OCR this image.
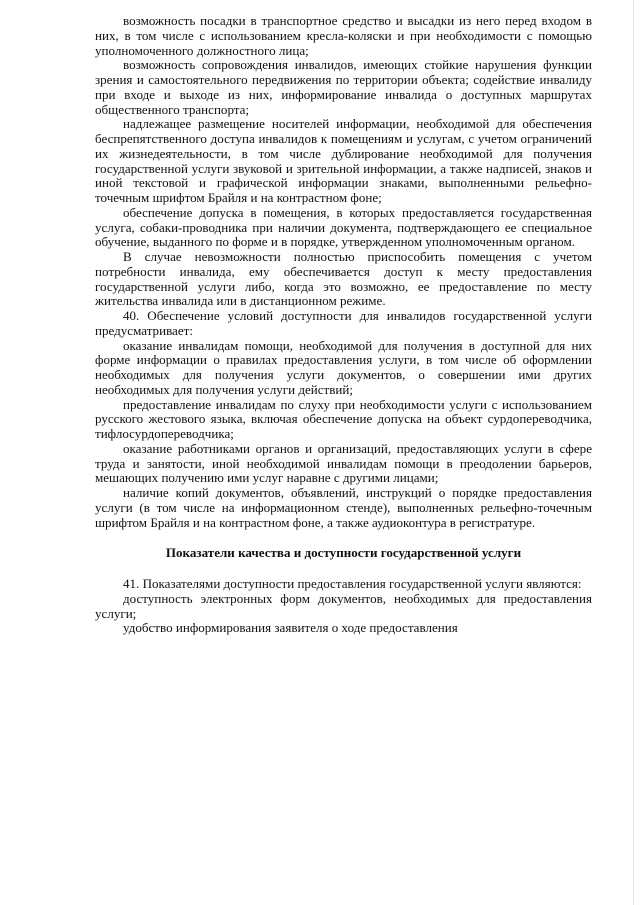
возможность посадки в транспортное средство и высадки из него перед входом в них, в том числе с использованием кресла-коляски и при необходимости с помощью уполномоченного должностного лица;

возможность сопровождения инвалидов, имеющих стойкие нарушения функции зрения и самостоятельного передвижения по территории объекта; содействие инвалиду при входе и выходе из них, информирование инвалида о доступных маршрутах общественного транспорта;

надлежащее размещение носителей информации, необходимой для обеспечения беспрепятственного доступа инвалидов к помещениям и услугам, с учетом ограничений их жизнедеятельности, в том числе дублирование необходимой для получения государственной услуги звуковой и зрительной информации, а также надписей, знаков и иной текстовой и графической информации знаками, выполненными рельефно-точечным шрифтом Брайля и на контрастном фоне;

обеспечение допуска в помещения, в которых предоставляется государственная услуга, собаки-проводника при наличии документа, подтверждающего ее специальное обучение, выданного по форме и в порядке, утвержденном уполномоченным органом.

В случае невозможности полностью приспособить помещения с учетом потребности инвалида, ему обеспечивается доступ к месту предоставления государственной услуги либо, когда это возможно, ее предоставление по месту жительства инвалида или в дистанционном режиме.

40. Обеспечение условий доступности для инвалидов государственной услуги предусматривает:

оказание инвалидам помощи, необходимой для получения в доступной для них форме информации о правилах предоставления услуги, в том числе об оформлении необходимых для получения услуги документов, о совершении ими других необходимых для получения услуги действий;

предоставление инвалидам по слуху при необходимости услуги с использованием русского жестового языка, включая обеспечение допуска на объект сурдопереводчика, тифлосурдопереводчика;

оказание работниками органов и организаций, предоставляющих услуги в сфере труда и занятости, иной необходимой инвалидам помощи в преодолении барьеров, мешающих получению ими услуг наравне с другими лицами;

наличие копий документов, объявлений, инструкций о порядке предоставления услуги (в том числе на информационном стенде), выполненных рельефно-точечным шрифтом Брайля и на контрастном фоне, а также аудиоконтура в регистратуре.

Показатели качества и доступности государственной услуги

41. Показателями доступности предоставления государственной услуги являются:

доступность электронных форм документов, необходимых для предоставления услуги;

удобство информирования заявителя о ходе предоставления
